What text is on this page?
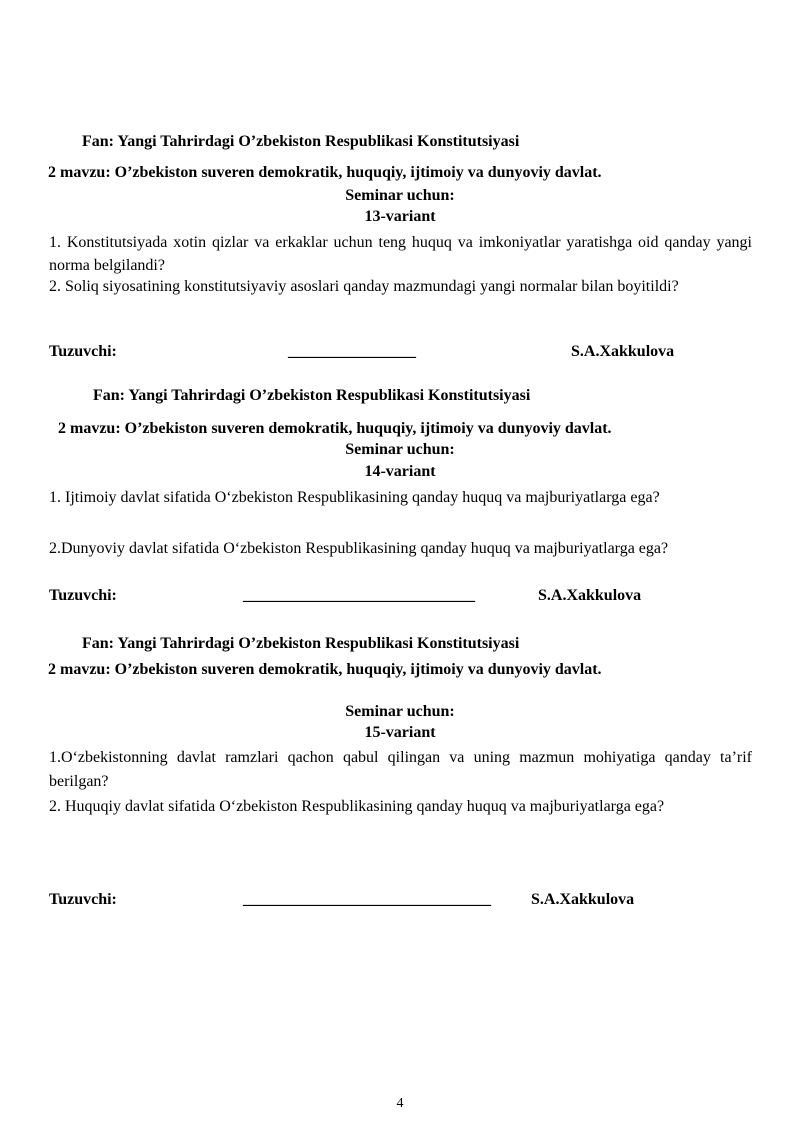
Fan: Yangi Tahrirdagi O’zbekiston Respublikasi Konstitutsiyasi
2 mavzu: O’zbekiston suveren demokratik, huquqiy, ijtimoiy va dunyoviy davlat.
Seminar uchun:
13-variant
1. Konstitutsiyada xotin qizlar va erkaklar uchun teng huquq va imkoniyatlar yaratishga oid qanday yangi norma belgilandi?
2. Soliq siyosatining konstitutsiyaviy asoslari qanday mazmundagi yangi normalar bilan boyitildi?
Tuzuvchi:	________________	S.A.Xakkulova
Fan: Yangi Tahrirdagi O’zbekiston Respublikasi Konstitutsiyasi
2 mavzu: O’zbekiston suveren demokratik, huquqiy, ijtimoiy va dunyoviy davlat.
Seminar uchun:
14-variant
1. Ijtimoiy davlat sifatida O‘zbekiston Respublikasining qanday huquq va majburiyatlarga ega?
2.Dunyoviy davlat sifatida O‘zbekiston Respublikasining qanday huquq va majburiyatlarga ega?
Tuzuvchi:	_____________________________	S.A.Xakkulova
Fan: Yangi Tahrirdagi O’zbekiston Respublikasi Konstitutsiyasi
2 mavzu: O’zbekiston suveren demokratik, huquqiy, ijtimoiy va dunyoviy davlat.
Seminar uchun:
15-variant
1.O‘zbekistonning davlat ramzlari qachon qabul qilingan va uning mazmun mohiyatiga qanday ta’rif berilgan?
2. Huquqiy davlat sifatida O‘zbekiston Respublikasining qanday huquq va majburiyatlarga ega?
Tuzuvchi:	_______________________________	S.A.Xakkulova
4
